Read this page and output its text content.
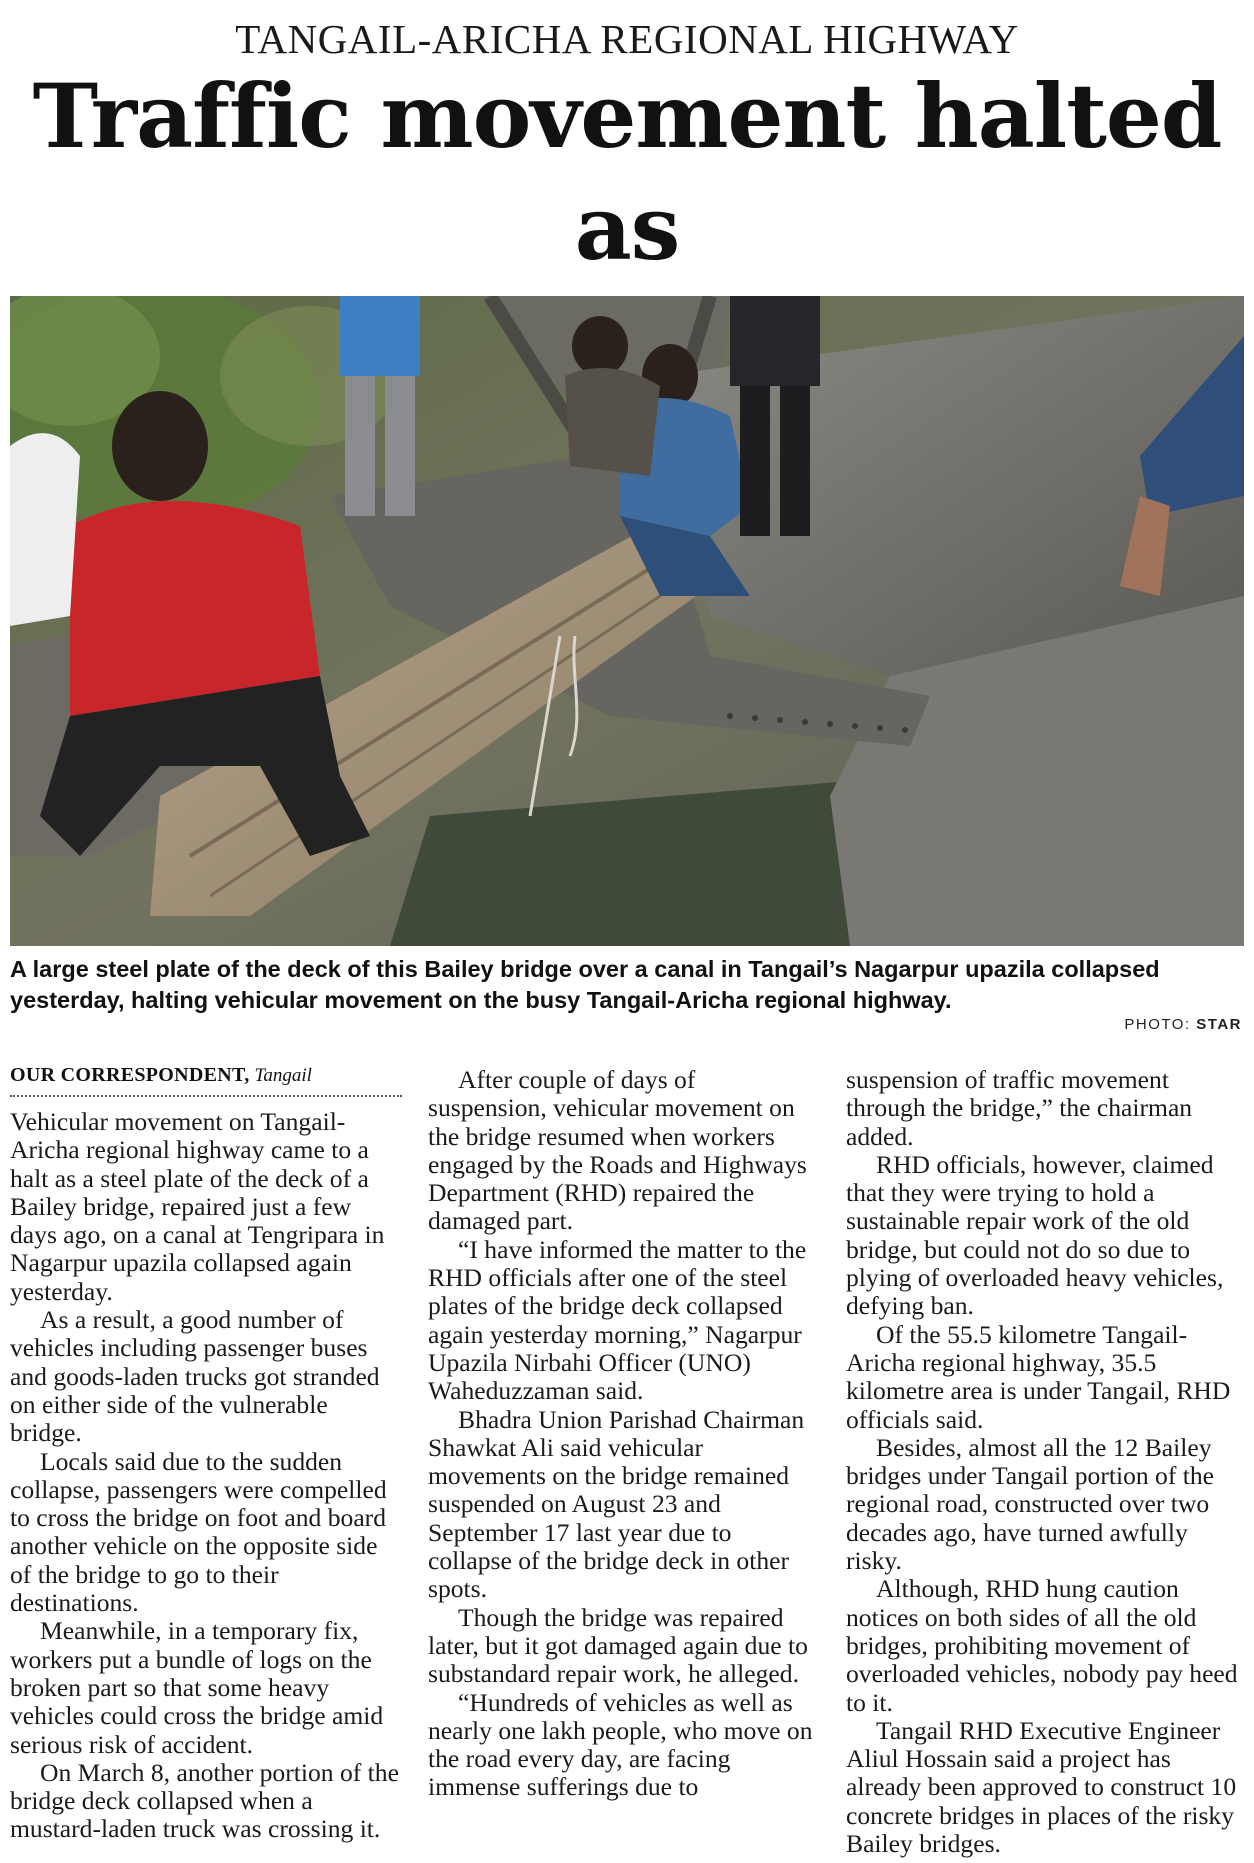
TANGAIL-ARICHA REGIONAL HIGHWAY
Traffic movement halted as
A large steel plate of the deck of this Bailey bridge over a canal in Tangail’s Nagarpur upazila collapsed yesterday, halting vehicular movement on the busy Tangail-Aricha regional highway.
PHOTO: STAR
OUR CORRESPONDENT, Tangail

Vehicular movement on Tangail-Aricha regional highway came to a halt as a steel plate of the deck of a Bailey bridge, repaired just a few days ago, on a canal at Tengripara in Nagarpur upazila collapsed again yesterday.

As a result, a good number of vehicles including passenger buses and goods-laden trucks got stranded on either side of the vulnerable bridge.

Locals said due to the sudden collapse, passengers were compelled to cross the bridge on foot and board another vehicle on the opposite side of the bridge to go to their destinations.

Meanwhile, in a temporary fix, workers put a bundle of logs on the broken part so that some heavy vehicles could cross the bridge amid serious risk of accident.

On March 8, another portion of the bridge deck collapsed when a mustard-laden truck was crossing it.

After couple of days of suspension, vehicular movement on the bridge resumed when workers engaged by the Roads and Highways Department (RHD) repaired the damaged part.

“I have informed the matter to the RHD officials after one of the steel plates of the bridge deck collapsed again yesterday morning,” Nagarpur Upazila Nirbahi Officer (UNO) Waheduzzaman said.

Bhadra Union Parishad Chairman Shawkat Ali said vehicular movements on the bridge remained suspended on August 23 and September 17 last year due to collapse of the bridge deck in other spots.

Though the bridge was repaired later, but it got damaged again due to substandard repair work, he alleged.

“Hundreds of vehicles as well as nearly one lakh people, who move on the road every day, are facing immense sufferings due to

suspension of traffic movement through the bridge,” the chairman added.

RHD officials, however, claimed that they were trying to hold a sustainable repair work of the old bridge, but could not do so due to plying of overloaded heavy vehicles, defying ban.

Of the 55.5 kilometre Tangail-Aricha regional highway, 35.5 kilometre area is under Tangail, RHD officials said.

Besides, almost all the 12 Bailey bridges under Tangail portion of the regional road, constructed over two decades ago, have turned awfully risky.

Although, RHD hung caution notices on both sides of all the old bridges, prohibiting movement of overloaded vehicles, nobody pay heed to it.

Tangail RHD Executive Engineer Aliul Hossain said a project has already been approved to construct 10 concrete bridges in places of the risky Bailey bridges.
